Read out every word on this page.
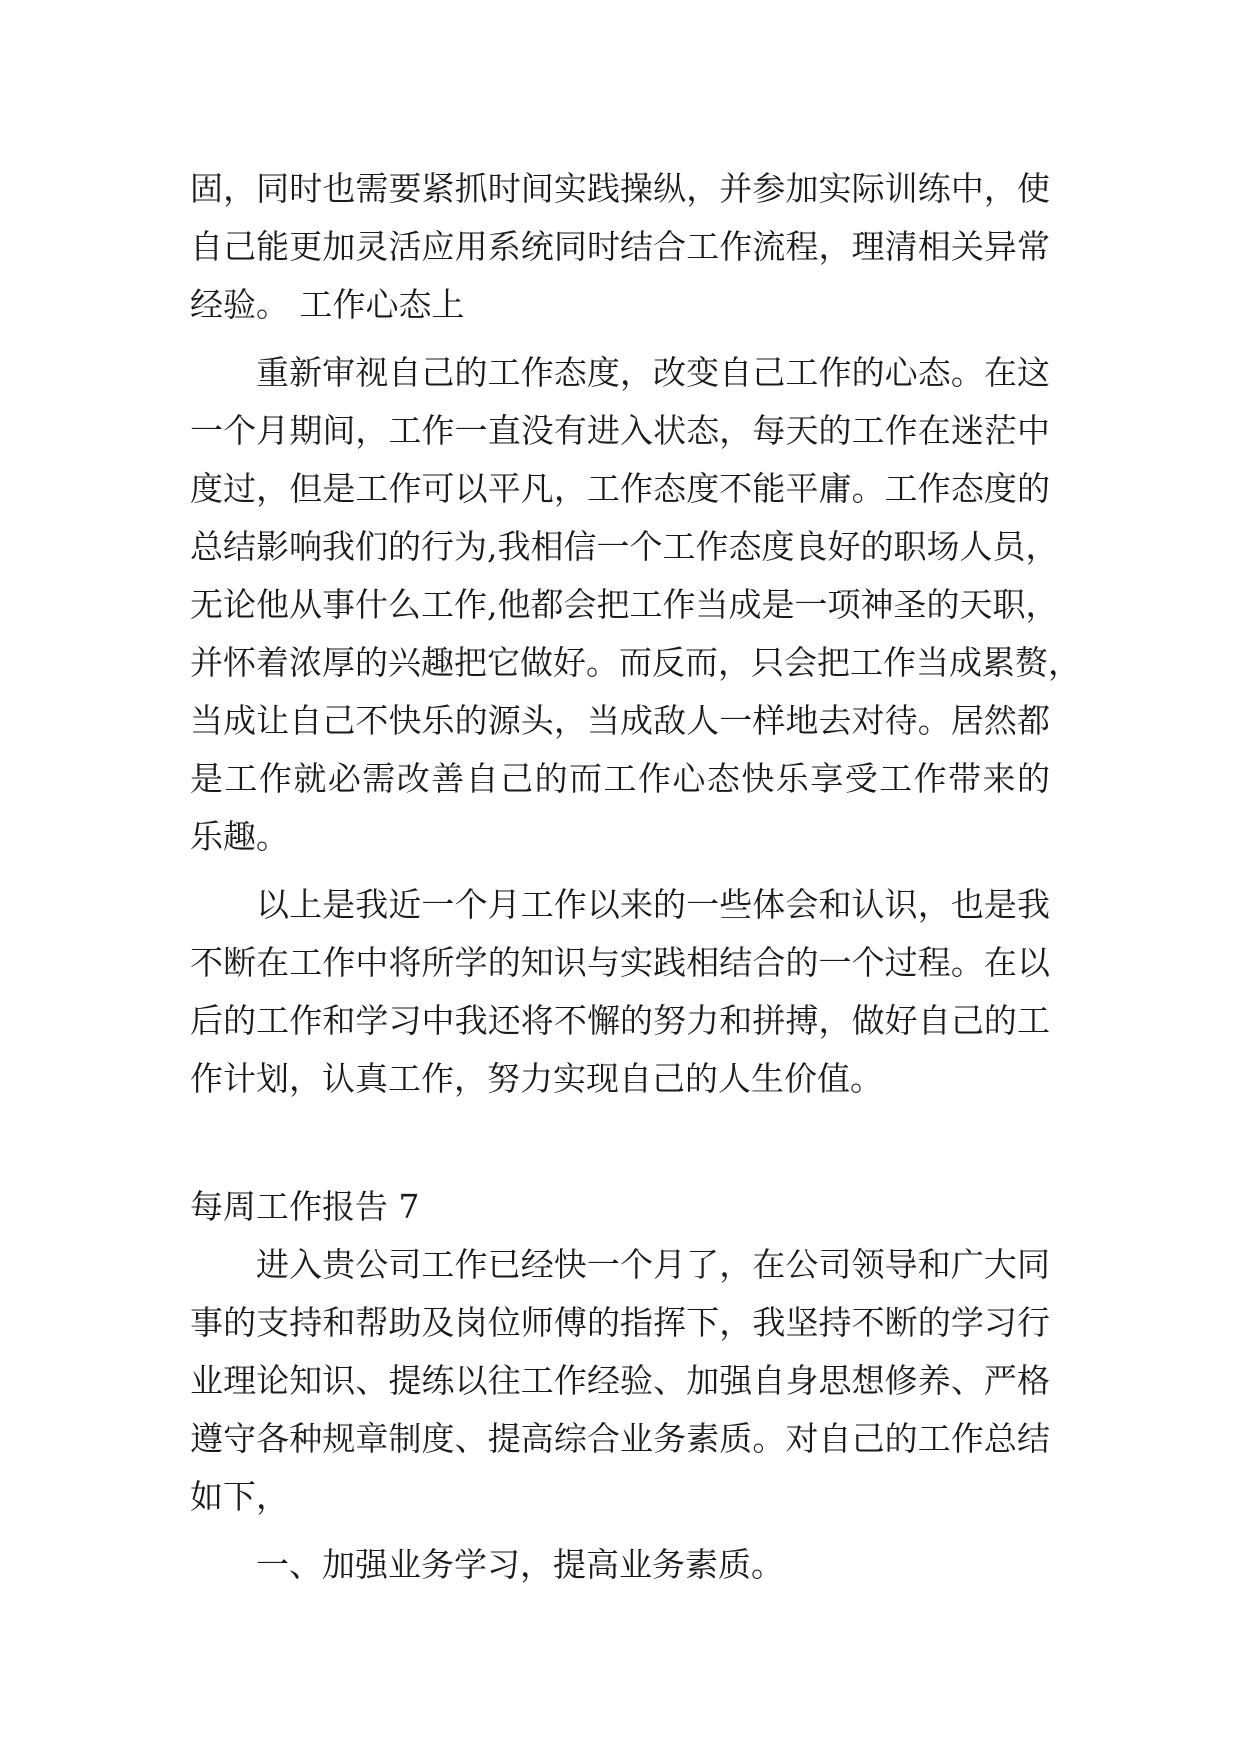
固，同时也需要紧抓时间实践操纵，并参加实际训练中，使
自己能更加灵活应用系统同时结合工作流程，理清相关异常
经验。 工作心态上
重新审视自己的工作态度，改变自己工作的心态。在这
一个月期间，工作一直没有进入状态，每天的工作在迷茫中
度过，但是工作可以平凡，工作态度不能平庸。工作态度的
总结影响我们的行为,我相信一个工作态度良好的职场人员，
无论他从事什么工作,他都会把工作当成是一项神圣的天职，
并怀着浓厚的兴趣把它做好。而反而，只会把工作当成累赘，
当成让自己不快乐的源头，当成敌人一样地去对待。居然都
是工作就必需改善自己的而工作心态快乐享受工作带来的
乐趣。
以上是我近一个月工作以来的一些体会和认识，也是我
不断在工作中将所学的知识与实践相结合的一个过程。在以
后的工作和学习中我还将不懈的努力和拼搏，做好自己的工
作计划，认真工作，努力实现自己的人生价值。
每周工作报告 7
进入贵公司工作已经快一个月了，在公司领导和广大同
事的支持和帮助及岗位师傅的指挥下，我坚持不断的学习行
业理论知识、提练以往工作经验、加强自身思想修养、严格
遵守各种规章制度、提高综合业务素质。对自己的工作总结
如下，
一、加强业务学习，提高业务素质。
